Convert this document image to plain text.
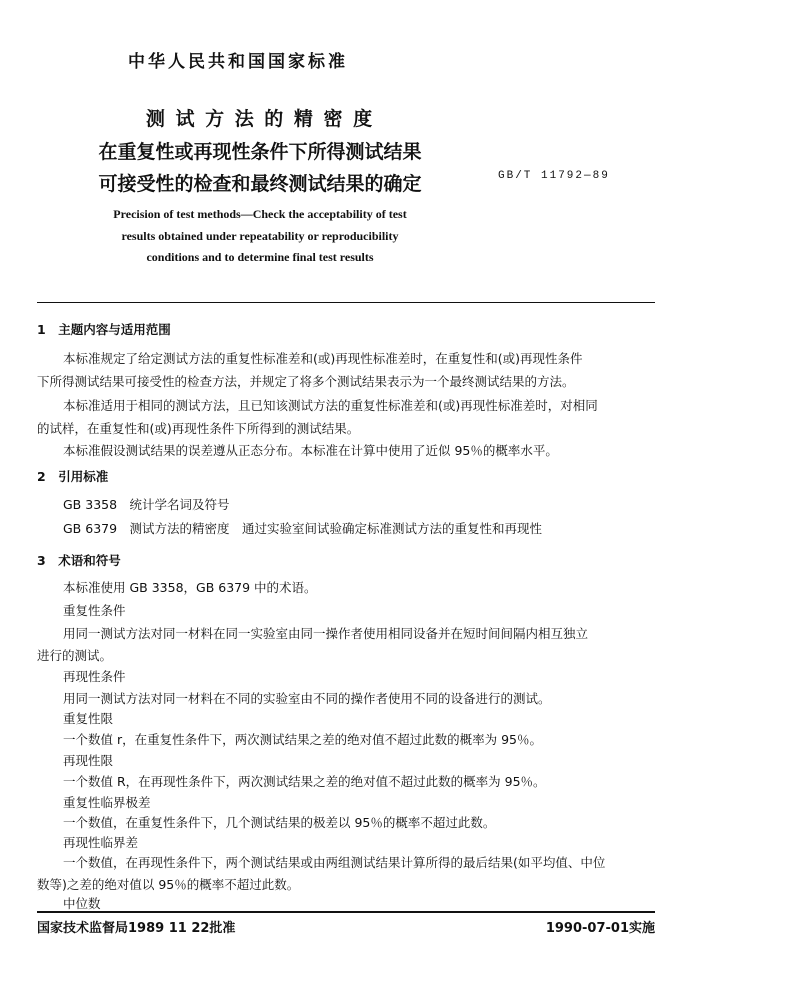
中华人民共和国国家标准
测 试 方 法 的 精 密 度
在重复性或再现性条件下所得测试结果
可接受性的检查和最终测试结果的确定	GB/T 11792—89
Precision of test methods—Check the acceptability of test
results obtained under repeatability or reproducibility
conditions and to determine final test results
1　主题内容与适用范围
本标准规定了给定测试方法的重复性标准差和(或)再现性标准差时，在重复性和(或)再现性条件
下所得测试结果可接受性的检查方法，并规定了将多个测试结果表示为一个最终测试结果的方法。
本标准适用于相同的测试方法，且已知该测试方法的重复性标准差和(或)再现性标准差时，对相同
的试样，在重复性和(或)再现性条件下所得到的测试结果。
本标准假设测试结果的误差遵从正态分布。本标准在计算中使用了近似 95％的概率水平。
2　引用标准
GB 3358　统计学名词及符号
GB 6379　测试方法的精密度　通过实验室间试验确定标准测试方法的重复性和再现性
3　术语和符号
本标准使用 GB 3358，GB 6379 中的术语。
重复性条件
用同一测试方法对同一材料在同一实验室由同一操作者使用相同设备并在短时间间隔内相互独立
进行的测试。
再现性条件
用同一测试方法对同一材料在不同的实验室由不同的操作者使用不同的设备进行的测试。
重复性限
一个数值 r，在重复性条件下，两次测试结果之差的绝对值不超过此数的概率为 95％。
再现性限
一个数值 R，在再现性条件下，两次测试结果之差的绝对值不超过此数的概率为 95％。
重复性临界极差
一个数值，在重复性条件下，几个测试结果的极差以 95％的概率不超过此数。
再现性临界差
一个数值，在再现性条件下，两个测试结果或由两组测试结果计算所得的最后结果(如平均值、中位
数等)之差的绝对值以 95％的概率不超过此数。
中位数
国家技术监督局1989 11 22批准	1990-07-01实施
